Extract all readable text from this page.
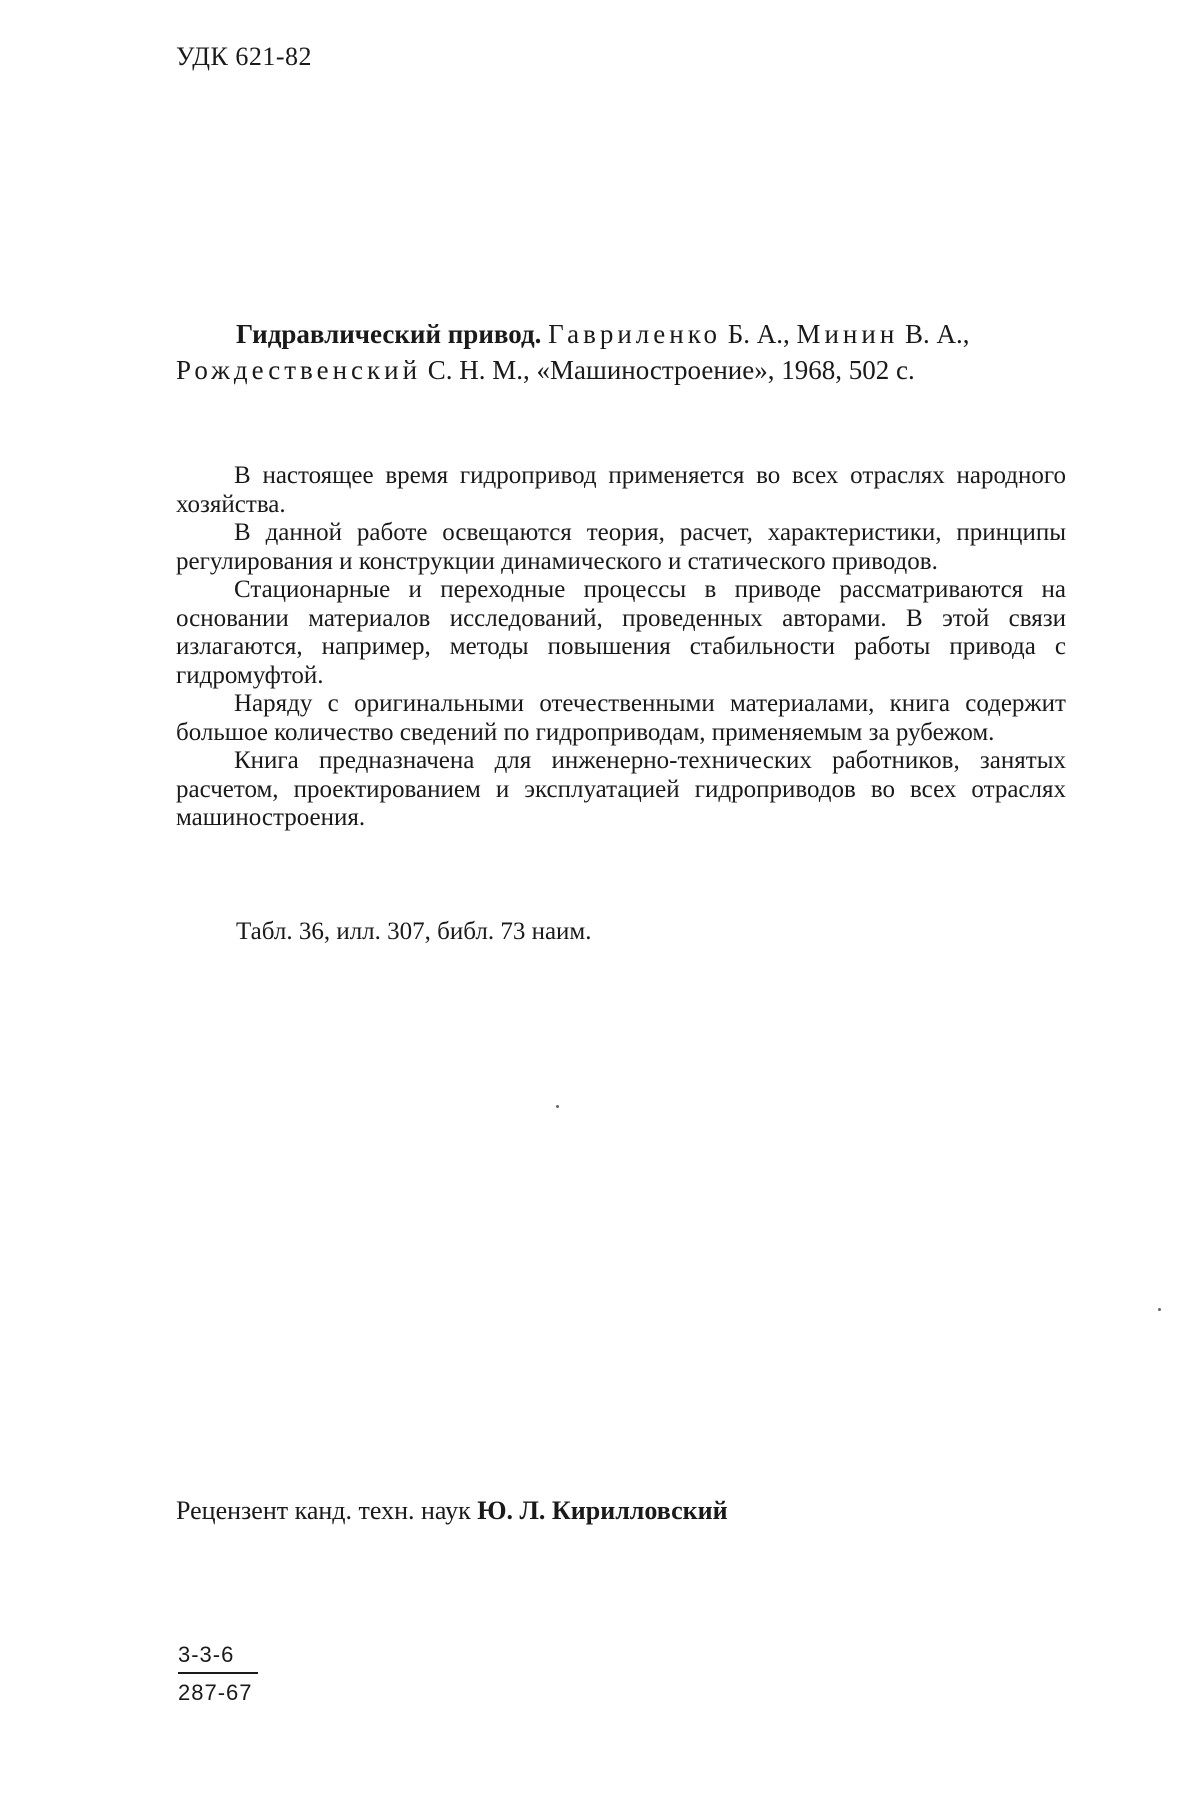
УДК 621-82
Гидравлический привод. Гавриленко Б. А., Минин В. А.,
Рождественский С. Н. М., «Машиностроение», 1968, 502 с.

В настоящее время гидропривод применяется во всех отраслях народного хозяйства.

В данной работе освещаются теория, расчет, характеристики, принципы регулирования и конструкции динамического и статического приводов.

Стационарные и переходные процессы в приводе рассматриваются на основании материалов исследований, проведенных авторами. В этой связи излагаются, например, методы повышения стабильности работы привода с гидромуфтой.

Наряду с оригинальными отечественными материалами, книга содержит большое количество сведений по гидроприводам, применяемым за рубежом.

Книга предназначена для инженерно-технических работников, занятых расчетом, проектированием и эксплуатацией гидроприводов во всех отраслях машиностроения.

Табл. 36, илл. 307, библ. 73 наим.
Рецензент канд. техн. наук Ю. Л. Кирилловский
3-3-6
287-67
